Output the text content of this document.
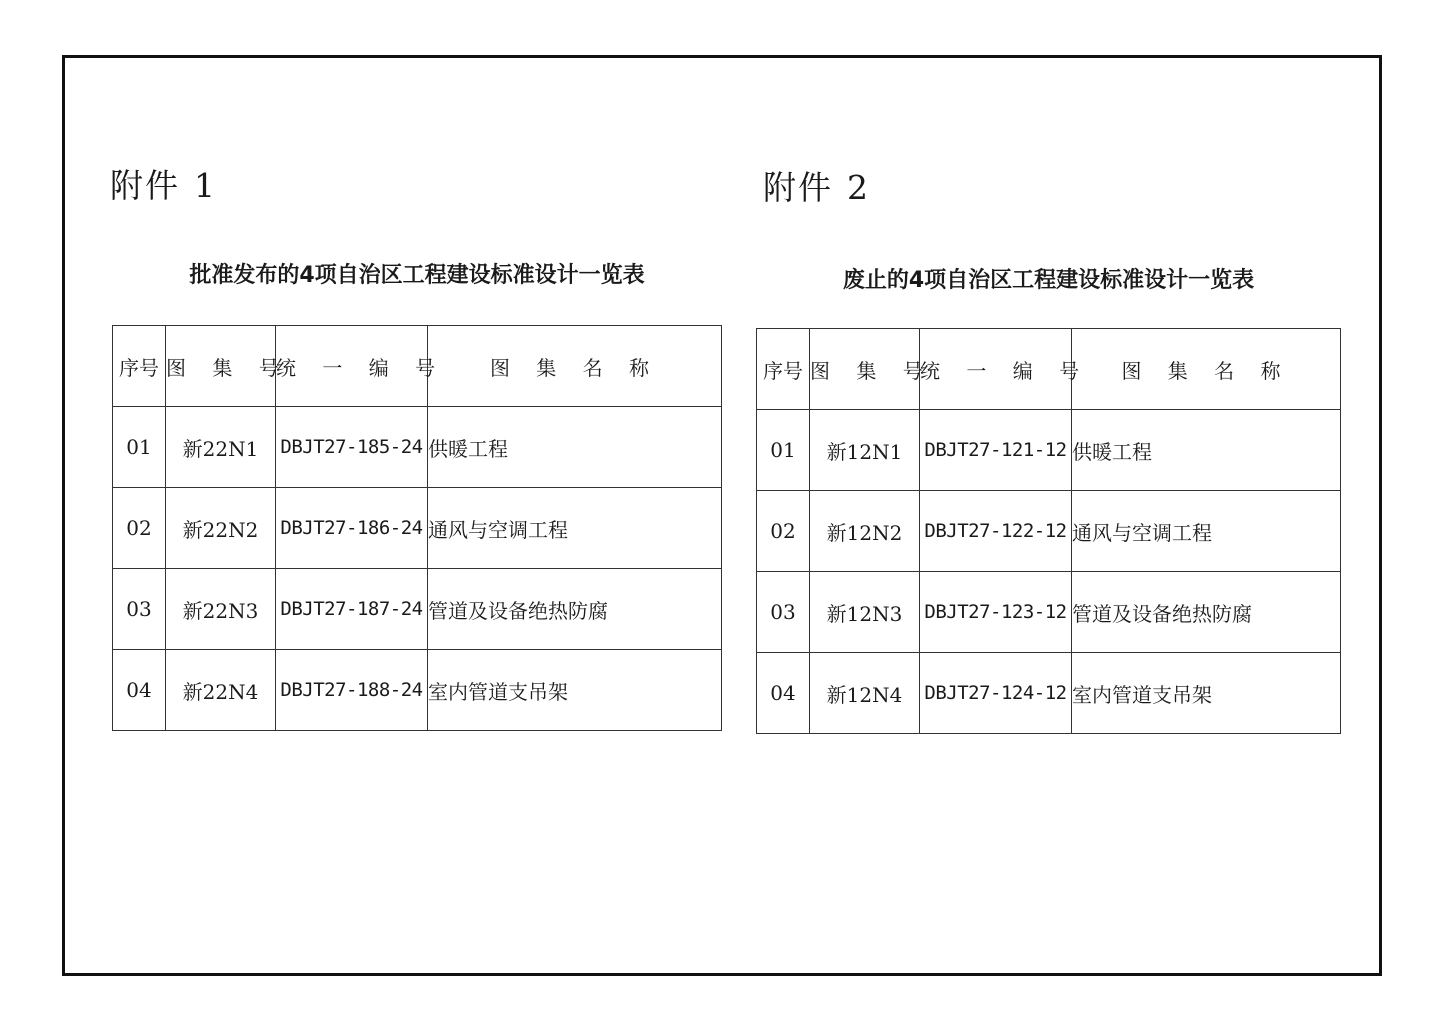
附件 1
批准发布的4项自治区工程建设标准设计一览表
序号	图 集 号	统 一 编 号	图 集 名 称
01	新22N1	DBJT27-185-24	供暖工程
02	新22N2	DBJT27-186-24	通风与空调工程
03	新22N3	DBJT27-187-24	管道及设备绝热防腐
04	新22N4	DBJT27-188-24	室内管道支吊架
附件 2
废止的4项自治区工程建设标准设计一览表
序号	图 集 号	统 一 编 号	图 集 名 称
01	新12N1	DBJT27-121-12	供暖工程
02	新12N2	DBJT27-122-12	通风与空调工程
03	新12N3	DBJT27-123-12	管道及设备绝热防腐
04	新12N4	DBJT27-124-12	室内管道支吊架
